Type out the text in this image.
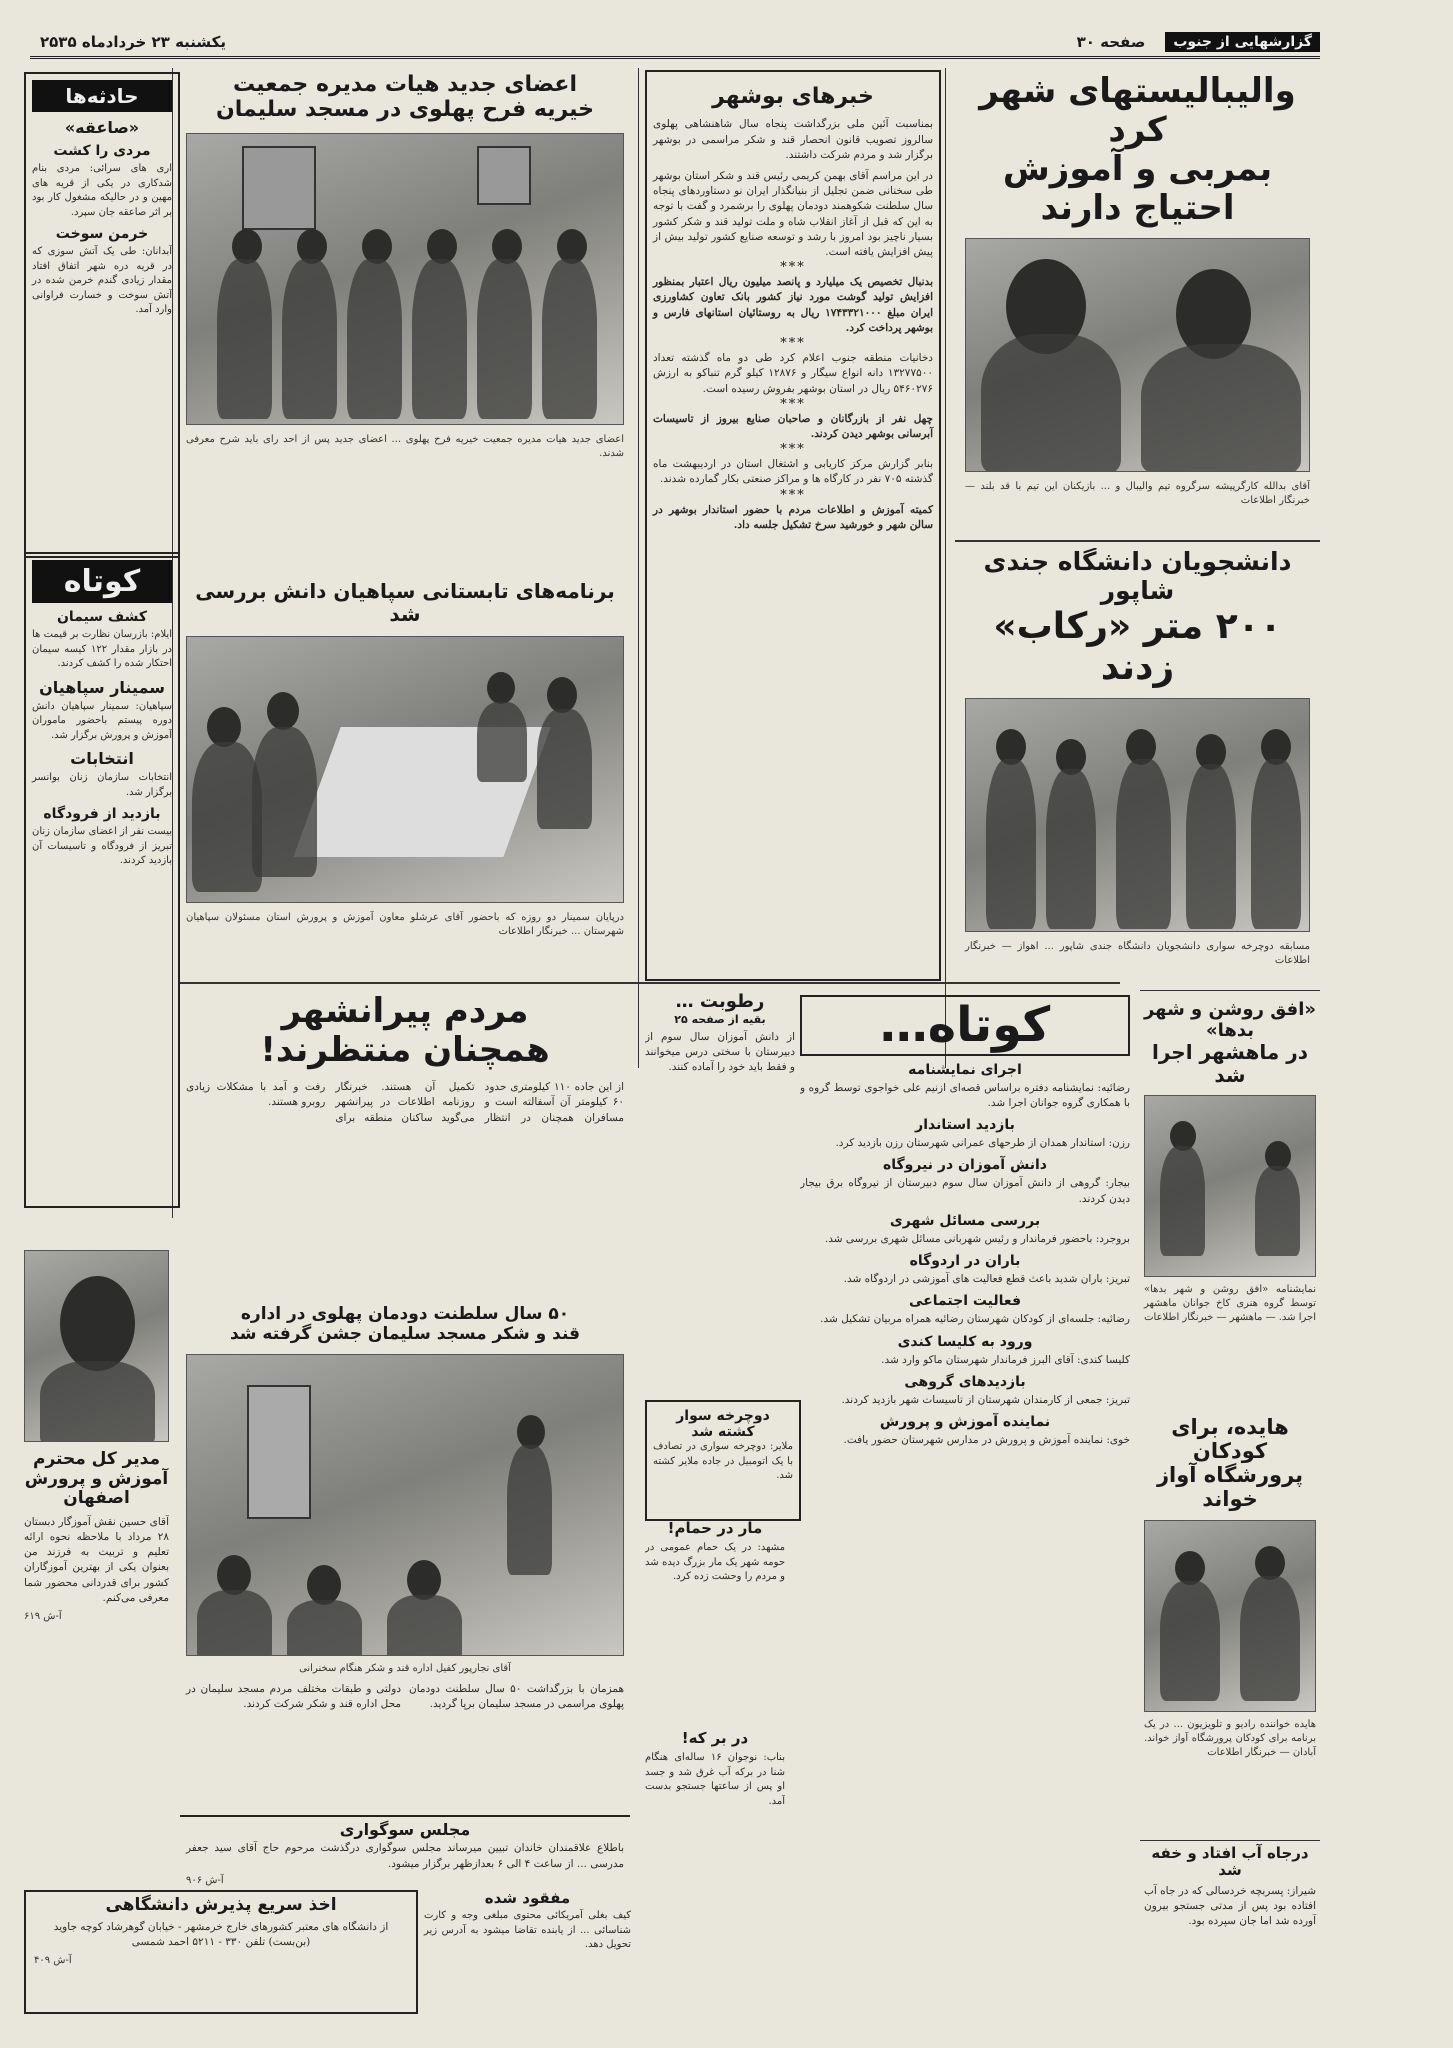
گزارشهایی از جنوب
صفحه ۳۰
یکشنبه ۲۳ خردادماه ۲۵۳۵
والیبالیستهای شهر کرد
بمربی و آموزش احتیاج دارند
آقای بدالله کارگرپیشه سرگروه تیم والیبال و ... بازیکنان این تیم با قد بلند — خبرنگار اطلاعات
دانشجویان دانشگاه جندی شاپور
۲۰۰ متر «رکاب» زدند
مسابقه دوچرخه سواری دانشجویان دانشگاه جندی شاپور ... اهواز — خبرنگار اطلاعات
«افق روشن و شهر بدها»
در ماهشهر اجرا شد
نمایشنامه «افق روشن و شهر بدها» توسط گروه هنری کاخ جوانان ماهشهر اجرا شد. — ماهشهر — خبرنگار اطلاعات
هایده، برای کودکان
پرورشگاه آواز خواند
هایده خواننده رادیو و تلویزیون ... در یک برنامه برای کودکان پرورشگاه آواز خواند. آبادان — خبرنگار اطلاعات
درجاه آب افتاد و خفه شد
شیراز: پسربچه خردسالی که در جاه آب افتاده بود پس از مدتی جستجو بیرون آورده شد اما جان سپرده بود.
خبرهای بوشهر
بمناسبت آئین ملی بزرگداشت پنجاه سال شاهنشاهی پهلوی سالروز تصویب قانون انحصار قند و شکر مراسمی در بوشهر برگزار شد و مردم شرکت داشتند.
در این مراسم آقای بهمن کریمی رئیس قند و شکر استان بوشهر طی سخنانی ضمن تجلیل از بنیانگذار ایران نو دستاوردهای پنجاه سال سلطنت شکوهمند دودمان پهلوی را برشمرد و گفت با توجه به این که قبل از آغاز انقلاب شاه و ملت تولید قند و شکر کشور بسیار ناچیز بود امروز با رشد و توسعه صنایع کشور تولید بیش از پیش افزایش یافته است.
***
بدنبال تخصیص یک میلیارد و پانصد میلیون ریال اعتبار بمنظور افزایش تولید گوشت مورد نیاز کشور بانک تعاون کشاورزی ایران مبلغ ۱۷۴۳۳۲۱۰۰۰ ریال به روستائیان استانهای فارس و بوشهر پرداخت کرد.
***
دخانیات منطقه جنوب اعلام کرد طی دو ماه گذشته تعداد ۱۳۲۷۷۵۰۰ دانه انواع سیگار و ۱۲۸۷۶ کیلو گرم تنباکو به ارزش ۵۴۶۰۲۷۶ ریال در استان بوشهر بفروش رسیده است.
***
چهل نفر از بازرگانان و صاحبان صنایع بیروز از تاسیسات آبرسانی بوشهر دیدن کردند.
***
بنابر گزارش مرکز کاریابی و اشتغال استان در اردیبهشت ماه گذشته ۷۰۵ نفر در کارگاه ها و مراکز صنعتی بکار گمارده شدند.
***
کمیته آموزش و اطلاعات مردم با حضور استاندار بوشهر در سالن شهر و خورشید سرخ تشکیل جلسه داد.
اعضای جدید هیات مدیره جمعیت
خیریه فرح پهلوی در مسجد سلیمان
اعضای جدید هیات مدیره جمعیت خیریه فرح پهلوی ... اعضای جدید پس از احد رای باید شرح معرفی شدند.
برنامه‌های تابستانی سپاهیان دانش بررسی شد
درپایان سمینار دو روزه که باحضور آقای عرشلو معاون آموزش و پرورش استان مسئولان سپاهیان شهرستان ... خبرنگار اطلاعات
حادثه‌ها
«صاعقه»
مردی را کشت
اری های سرائی: مردی بنام شدکاری در یکی از قریه های مهین و در حالیکه مشغول کار بود بر اثر صاعقه جان سپرد.
خرمن سوخت
آبدانان: طی یک آتش سوزی که در قریه دره شهر اتفاق افتاد مقدار زیادی گندم خرمن شده در آتش سوخت و خسارت فراوانی وارد آمد.
کوتاه
کشف سیمان
ایلام: بازرسان نظارت بر قیمت ها در بازار مقدار ۱۲۲ کیسه سیمان احتکار شده را کشف کردند.
سمینار سپاهیان
سپاهیان: سمینار سپاهیان دانش دوره پیستم باحضور ماموران آموزش و پرورش برگزار شد.
انتخابات
انتخابات سازمان زنان بوانسر برگزار شد.
بازدید از فرودگاه
بیست نفر از اعضای سازمان زنان تبریز از فرودگاه و تاسیسات آن بازدید کردند.
مردم پیرانشهر
همچنان منتظرند!
از این جاده ۱۱۰ کیلومتری حدود ۶۰ کیلومتر آن آسفالته است و مسافران همچنان در انتظار تکمیل آن هستند. خبرنگار روزنامه اطلاعات در پیرانشهر می‌گوید ساکنان منطقه برای رفت و آمد با مشکلات زیادی روبرو هستند.
رطوبت …
بقیه از صفحه ۲۵
از دانش آموزان سال سوم از دبیرستان با سختی درس میخوانند و فقط باید خود را آماده کنند.
کوتاه…
اجرای نمایشنامه
رضائیه: نمایشنامه دفتره براساس قصه‌ای ازنیم علی خواجوی توسط گروه و با همکاری گروه جوانان اجرا شد.
بازدید استاندار
رزن: استاندار همدان از طرحهای عمرانی شهرستان رزن بازدید کرد.
دانش آموزان در نیروگاه
بیجار: گروهی از دانش آموزان سال سوم دبیرستان از نیروگاه برق بیجار دیدن کردند.
بررسی مسائل شهری
بروجرد: باحضور فرماندار و رئیس شهربانی مسائل شهری بررسی شد.
باران در اردوگاه
تبریز: باران شدید باعث قطع فعالیت های آموزشی در اردوگاه شد.
فعالیت اجتماعی
رضائیه: جلسه‌ای از کودکان شهرستان رضائیه همراه مربیان تشکیل شد.
ورود به کلیسا کندی
کلیسا کندی: آقای البرز فرماندار شهرستان ماکو وارد شد.
بازدیدهای گروهی
تبریز: جمعی از کارمندان شهرستان از تاسیسات شهر بازدید کردند.
نماینده آموزش و پرورش
خوی: نماینده آموزش و پرورش در مدارس شهرستان حضور یافت.
۵۰ سال سلطنت دودمان پهلوی در اداره
قند و شکر مسجد سلیمان جشن گرفته شد
آقای نجارپور کفیل اداره قند و شکر هنگام سخنرانی
همزمان با بزرگداشت ۵۰ سال سلطنت دودمان پهلوی مراسمی در مسجد سلیمان برپا گردید.
دولتی و طبقات مختلف مردم مسجد سلیمان در محل اداره قند و شکر شرکت کردند.
دوچرخه سوار
کشته شد
ملایر: دوچرخه سواری در تصادف با یک اتومبیل در جاده ملایر کشته شد.
مار در حمام!
مشهد: در یک حمام عمومی در حومه شهر یک مار بزرگ دیده شد و مردم را وحشت زده کرد.
در بر که!
بناب: نوجوان ۱۶ ساله‌ای هنگام شنا در برکه آب غرق شد و جسد او پس از ساعتها جستجو بدست آمد.
مدیر کل محترم
آموزش و پرورش
اصفهان
آقای حسین نقش آموزگار دبستان ۲۸ مرداد با ملاحظه نحوه ارائه تعلیم و تربیت به فرزند من بعنوان یکی از بهترین آموزگاران کشور برای قدردانی محضور شما معرفی می‌کنم.
آ-ش ۶۱۹
مجلس سوگواری
باطلاع علاقمندان خاندان تبیین میرساند مجلس سوگواری درگذشت مرحوم حاج آقای سید جعفر مدرسی ... از ساعت ۴ الی ۶ بعدازظهر برگزار میشود.
آ-ش ۹۰۶
مفقود شده
کیف بغلی آمریکائی محتوی مبلغی وجه و کارت شناسائی ... از یابنده تقاضا میشود به آدرس زیر تحویل دهد.
اخذ سریع پذیرش دانشگاهی
از دانشگاه های معتبر کشورهای خارج خرمشهر - خیابان گوهرشاد کوچه جاوید (بن‌بست) تلفن ۳۳۰ - ۵۲۱۱ احمد شمسی
آ-ش ۴۰۹
